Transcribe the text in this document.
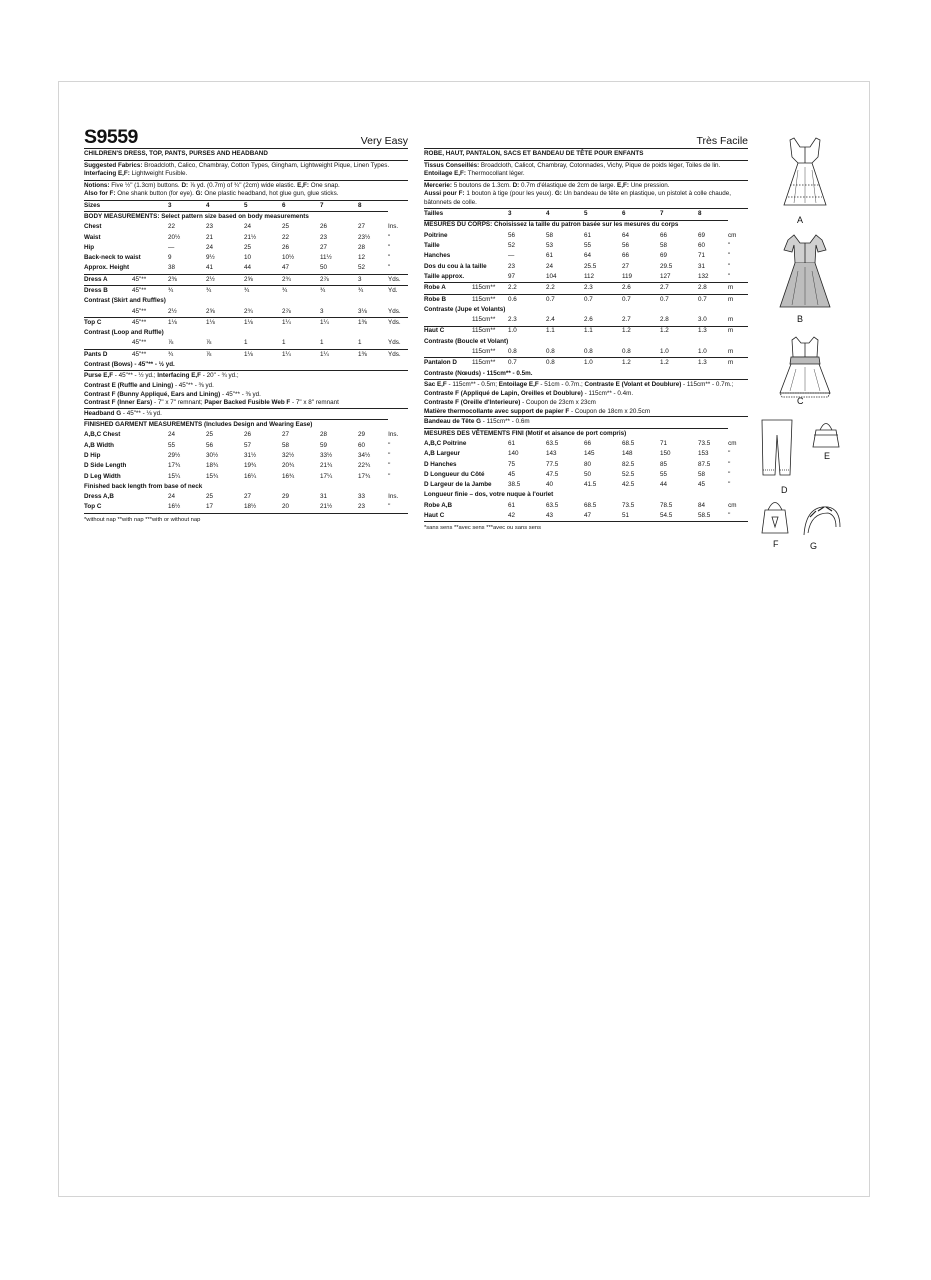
S9559	Very Easy
CHILDREN'S DRESS, TOP, PANTS, PURSES AND HEADBAND
Suggested Fabrics: Broadcloth, Calico, Chambray, Cotton Types, Gingham, Lightweight Pique, Linen Types. Interfacing E,F: Lightweight Fusible.
Notions: Five ½" (1.3cm) buttons. D: ⅞ yd. (0.7m) of ¾" (2cm) wide elastic. E,F: One snap.
Also for F: One shank button (for eye). G: One plastic headband, hot glue gun, glue sticks.
Sizes		3	4	5	6	7	8	
BODY MEASUREMENTS: Select pattern size based on body measurements								
Chest		22	23	24	25	26	27	Ins.
Waist		20½	21	21½	22	23	23½	"
Hip		—	24	25	26	27	28	"
Back-neck to waist		9	9½	10	10½	11½	12	"
Approx. Height		38	41	44	47	50	52	"
Dress A	45"**	2⅜	2½	2⅝	2¾	2⅞	3	Yds.
Dress B	45"**	¾	¾	¾	¾	¾	¾	Yd.
Contrast (Skirt and Ruffles)								
	45"**	2½	2⅝	2¾	2⅞	3	3⅛	Yds.
Top C	45"**	1⅛	1⅛	1⅛	1¼	1¼	1⅜	Yds.
Contrast (Loop and Ruffle)								
	45"**	⅞	⅞	1	1	1	1	Yds.
Pants D	45"**	¾	⅞	1⅛	1¼	1¼	1⅜	Yds.
Contrast (Bows) - 45"** - ½ yd.								
Purse E,F - 45"** - ½ yd.; Interfacing E,F - 20" - ¾ yd.;
Contrast E (Ruffle and Lining) - 45"** - ⅜ yd.
Contrast F (Bunny Appliqué, Ears and Lining) - 45"** - ⅜ yd.
Contrast F (Inner Ears) - 7" x 7" remnant; Paper Backed Fusible Web F - 7" x 8" remnant
Headband G - 45"** - ⅛ yd.
FINISHED GARMENT MEASUREMENTS (Includes Design and Wearing Ease)							
A,B,C Chest	24	25	26	27	28	29	Ins.
A,B Width	55	56	57	58	59	60	"
D Hip	29½	30½	31½	32½	33½	34½	"
D Side Length	17¾	18¾	19¾	20¾	21¾	22¾	"
D Leg Width	15¼	15¾	16¼	16¾	17¼	17¾	"
Finished back length from base of neck							
Dress A,B	24	25	27	29	31	33	Ins.
Top C	16½	17	18½	20	21½	23	"
*without nap **with nap ***with or without nap
Très Facile
ROBE, HAUT, PANTALON, SACS ET BANDEAU DE TÊTE POUR ENFANTS
Tissus Conseillés: Broadcloth, Calicot, Chambray, Cotonnades, Vichy, Pique de poids léger, Toiles de lin. Entoilage E,F: Thermocollant léger.
Mercerie: 5 boutons de 1.3cm. D: 0.7m d'élastique de 2cm de large. E,F: Une pression.
Aussi pour F: 1 bouton à tige (pour les yeux). G: Un bandeau de tête en plastique, un pistolet à colle chaude, bâtonnets de colle.
Tailles		3	4	5	6	7	8	
MESURES DU CORPS: Choisissez la taille du patron basée sur les mesures du corps								
Poitrine		56	58	61	64	66	69	cm
Taille		52	53	55	56	58	60	"
Hanches		—	61	64	66	69	71	"
Dos du cou à la taille		23	24	25.5	27	29.5	31	"
Taille approx.		97	104	112	119	127	132	"
Robe A	115cm**	2.2	2.2	2.3	2.6	2.7	2.8	m
Robe B	115cm**	0.6	0.7	0.7	0.7	0.7	0.7	m
Contraste (Jupe et Volants)								
	115cm**	2.3	2.4	2.6	2.7	2.8	3.0	m
Haut C	115cm**	1.0	1.1	1.1	1.2	1.2	1.3	m
Contraste (Boucle et Volant)								
	115cm**	0.8	0.8	0.8	0.8	1.0	1.0	m
Pantalon D	115cm**	0.7	0.8	1.0	1.2	1.2	1.3	m
Contraste (Nœuds) - 115cm** - 0.5m.								
Sac E,F - 115cm** - 0.5m; Entoilage E,F - 51cm - 0.7m.; Contraste E (Volant et Doublure) - 115cm** - 0.7m.; Contraste F (Appliqué de Lapin, Oreilles et Doublure) - 115cm** - 0.4m.
Contraste F (Oreille d'Interieure) - Coupon de 23cm x 23cm
Matière thermocollante avec support de papier F - Coupon de 18cm x 20.5cm
Bandeau de Tête G - 115cm** - 0.6m
MESURES DES VÊTEMENTS FINI (Motif et aisance de port compris)							
A,B,C Poitrine	61	63.5	66	68.5	71	73.5	cm
A,B Largeur	140	143	145	148	150	153	"
D Hanches	75	77.5	80	82.5	85	87.5	"
D Longueur du Côté	45	47.5	50	52.5	55	58	"
D Largeur de la Jambe	38.5	40	41.5	42.5	44	45	"
Longueur finie – dos, votre nuque à l'ourlet							
Robe A,B	61	63.5	68.5	73.5	78.5	84	cm
Haut C	42	43	47	51	54.5	58.5	"
*sans sens **avec sens ***avec ou sans sens
A
B
C
D
E
F	G
